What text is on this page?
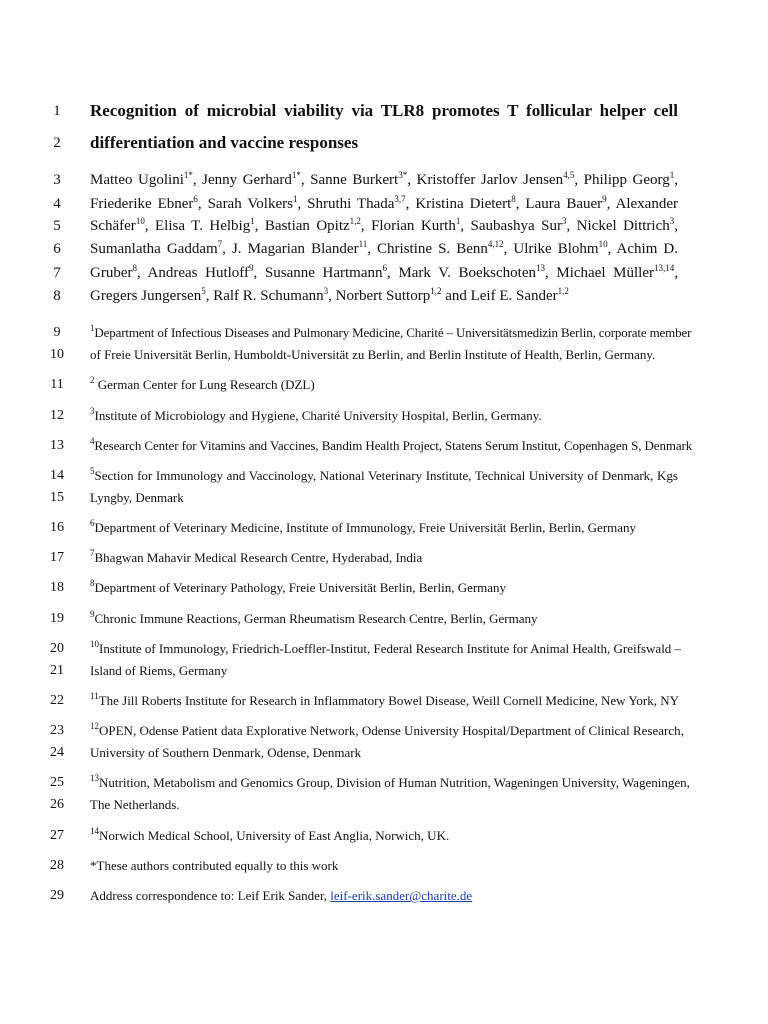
1
2
3
4
5
6
7
8
9
10
11
12
13
14
15
16
17
18
19
20
21
22
23
24
25
26
27
28
29
Recognition of microbial viability via TLR8 promotes T follicular helper cell
differentiation and vaccine responses
Matteo Ugolini$^{1*}$, Jenny Gerhard$^{1*}$, Sanne Burkert$^{3*}$, Kristoffer Jarlov Jensen$^{4,5}$, Philipp Georg$^1$,
Friederike Ebner$^6$, Sarah Volkers$^1$, Shruthi Thada$^{3,7}$, Kristina Dietert$^8$, Laura Bauer$^9$, Alexander
Schäfer$^{10}$, Elisa T. Helbig$^1$, Bastian Opitz$^{1,2}$, Florian Kurth$^1$, Saubashya Sur$^3$, Nickel Dittrich$^3$,
Sumanlatha Gaddam$^7$, J. Magarian Blander$^{11}$, Christine S. Benn$^{4,12}$, Ulrike Blohm$^{10}$, Achim D.
Gruber$^8$, Andreas Hutloff$^9$, Susanne Hartmann$^6$, Mark V. Boekschoten$^{13}$, Michael Müller$^{13,14}$,
Gregers Jungersen$^5$, Ralf R. Schumann$^3$, Norbert Suttorp$^{1,2}$ and Leif E. Sander$^{1,2}$
$^1$Department of Infectious Diseases and Pulmonary Medicine, Charité – Universitätsmedizin Berlin, corporate member
of Freie Universität Berlin, Humboldt-Universität zu Berlin, and Berlin Institute of Health, Berlin, Germany.
$^2$ German Center for Lung Research (DZL)
$^3$Institute of Microbiology and Hygiene, Charité University Hospital, Berlin, Germany.
$^4$Research Center for Vitamins and Vaccines, Bandim Health Project, Statens Serum Institut, Copenhagen S, Denmark
$^5$Section for Immunology and Vaccinology, National Veterinary Institute, Technical University of Denmark, Kgs
Lyngby, Denmark
$^6$Department of Veterinary Medicine, Institute of Immunology, Freie Universität Berlin, Berlin, Germany
$^7$Bhagwan Mahavir Medical Research Centre, Hyderabad, India
$^8$Department of Veterinary Pathology, Freie Universität Berlin, Berlin, Germany
$^9$Chronic Immune Reactions, German Rheumatism Research Centre, Berlin, Germany
$^{10}$Institute of Immunology, Friedrich-Loeffler-Institut, Federal Research Institute for Animal Health, Greifswald –
Island of Riems, Germany
$^{11}$The Jill Roberts Institute for Research in Inflammatory Bowel Disease, Weill Cornell Medicine, New York, NY
$^{12}$OPEN, Odense Patient data Explorative Network, Odense University Hospital/Department of Clinical Research,
University of Southern Denmark, Odense, Denmark
$^{13}$Nutrition, Metabolism and Genomics Group, Division of Human Nutrition, Wageningen University, Wageningen,
The Netherlands.
$^{14}$Norwich Medical School, University of East Anglia, Norwich, UK.
*These authors contributed equally to this work
Address correspondence to: Leif Erik Sander, leif-erik.sander@charite.de
